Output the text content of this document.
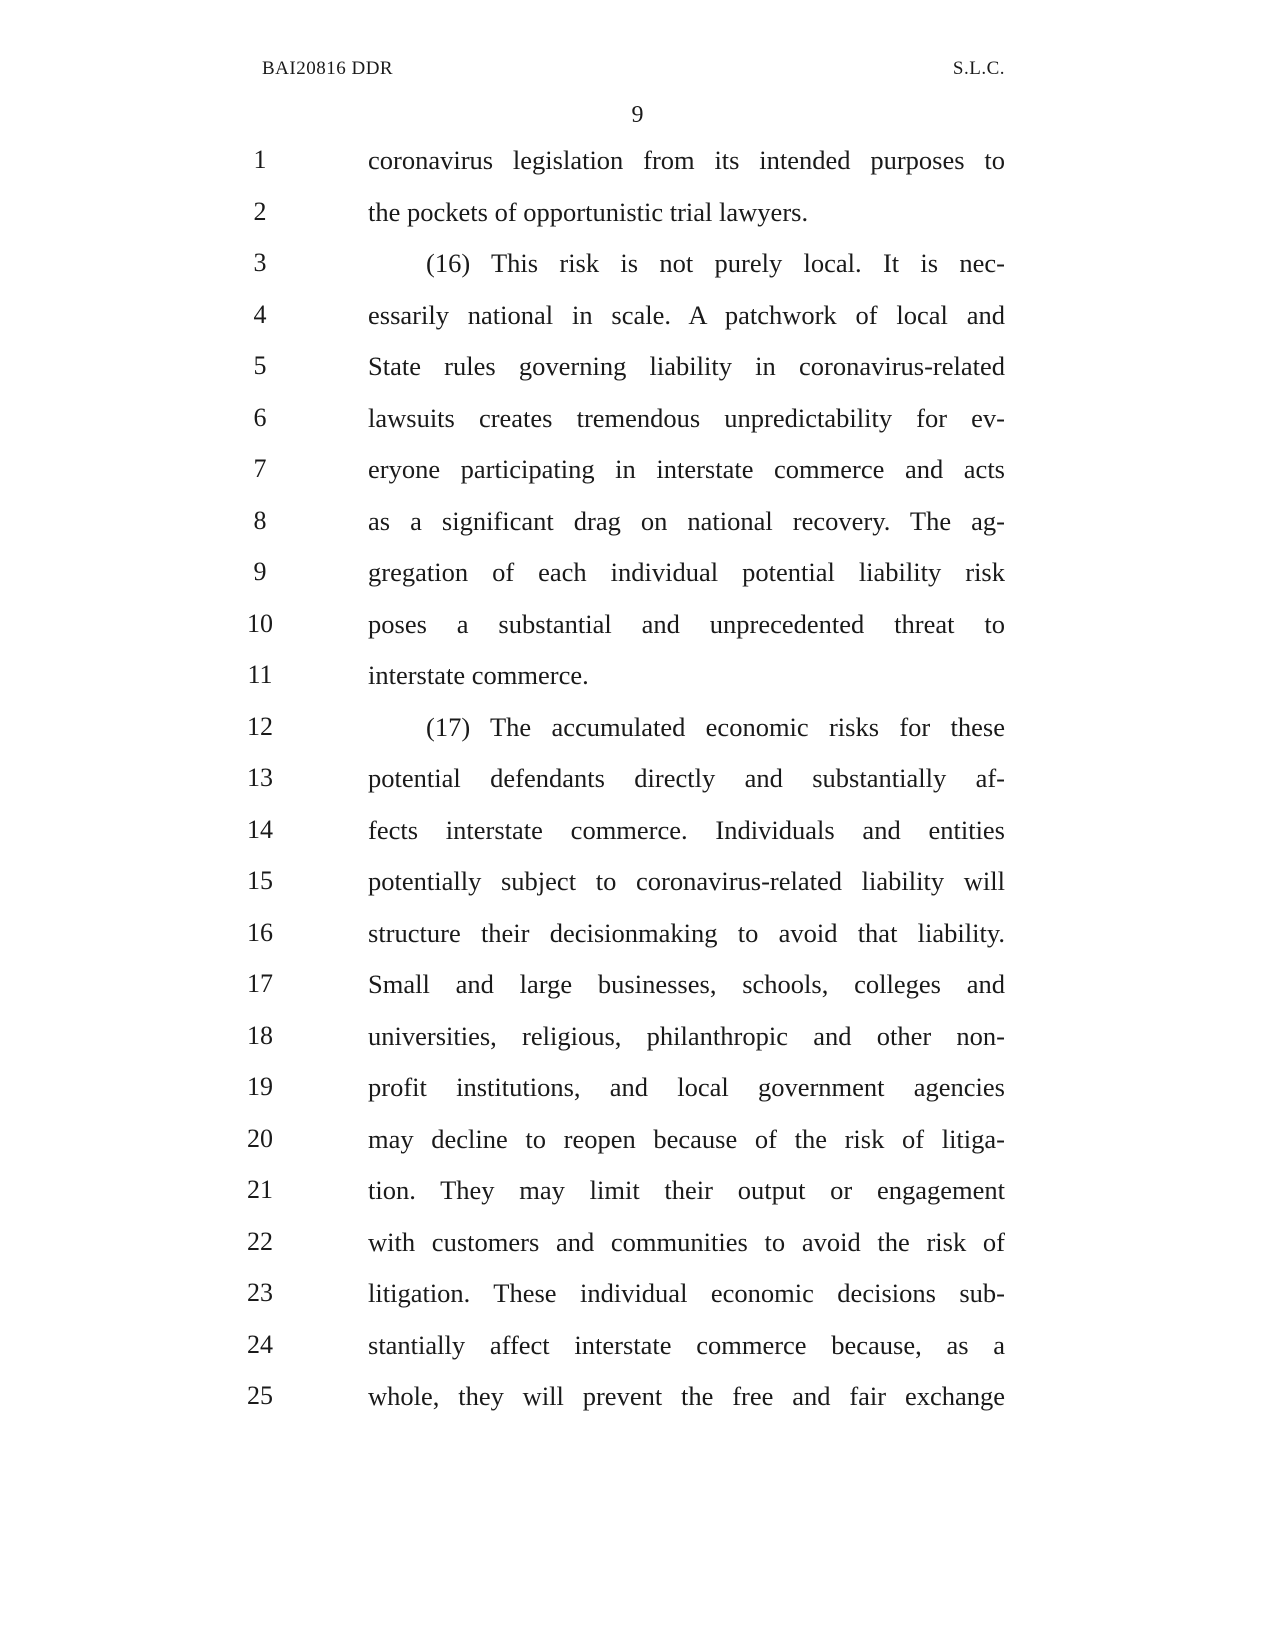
BAI20816 DDR	S.L.C.
9
1	coronavirus legislation from its intended purposes to
2	the pockets of opportunistic trial lawyers.
3	(16) This risk is not purely local. It is nec-
4	essarily national in scale. A patchwork of local and
5	State rules governing liability in coronavirus-related
6	lawsuits creates tremendous unpredictability for ev-
7	eryone participating in interstate commerce and acts
8	as a significant drag on national recovery. The ag-
9	gregation of each individual potential liability risk
10	poses a substantial and unprecedented threat to
11	interstate commerce.
12	(17) The accumulated economic risks for these
13	potential defendants directly and substantially af-
14	fects interstate commerce. Individuals and entities
15	potentially subject to coronavirus-related liability will
16	structure their decisionmaking to avoid that liability.
17	Small and large businesses, schools, colleges and
18	universities, religious, philanthropic and other non-
19	profit institutions, and local government agencies
20	may decline to reopen because of the risk of litiga-
21	tion. They may limit their output or engagement
22	with customers and communities to avoid the risk of
23	litigation. These individual economic decisions sub-
24	stantially affect interstate commerce because, as a
25	whole, they will prevent the free and fair exchange
